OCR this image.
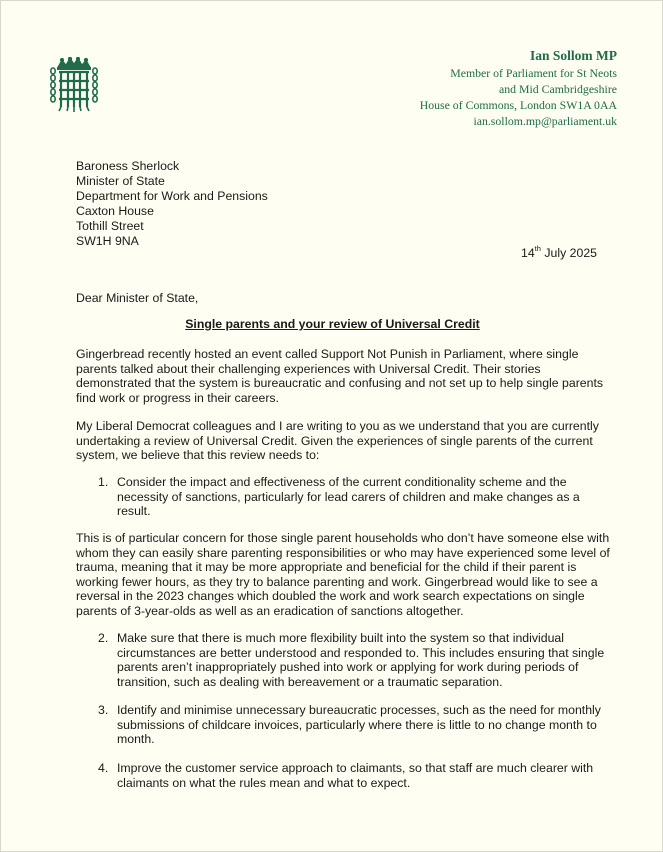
Ian Sollom MP
Member of Parliament for St Neots
and Mid Cambridgeshire
House of Commons, London SW1A 0AA
ian.sollom.mp@parliament.uk
Baroness Sherlock
Minister of State
Department for Work and Pensions
Caxton House
Tothill Street
SW1H 9NA
14th July 2025
Dear Minister of State,
Single parents and your review of Universal Credit
Gingerbread recently hosted an event called Support Not Punish in Parliament, where single parents talked about their challenging experiences with Universal Credit. Their stories demonstrated that the system is bureaucratic and confusing and not set up to help single parents find work or progress in their careers.
My Liberal Democrat colleagues and I are writing to you as we understand that you are currently undertaking a review of Universal Credit. Given the experiences of single parents of the current system, we believe that this review needs to:
1. Consider the impact and effectiveness of the current conditionality scheme and the necessity of sanctions, particularly for lead carers of children and make changes as a result.
This is of particular concern for those single parent households who don’t have someone else with whom they can easily share parenting responsibilities or who may have experienced some level of trauma, meaning that it may be more appropriate and beneficial for the child if their parent is working fewer hours, as they try to balance parenting and work. Gingerbread would like to see a reversal in the 2023 changes which doubled the work and work search expectations on single parents of 3-year-olds as well as an eradication of sanctions altogether.
2. Make sure that there is much more flexibility built into the system so that individual circumstances are better understood and responded to. This includes ensuring that single parents aren’t inappropriately pushed into work or applying for work during periods of transition, such as dealing with bereavement or a traumatic separation.
3. Identify and minimise unnecessary bureaucratic processes, such as the need for monthly submissions of childcare invoices, particularly where there is little to no change month to month.
4. Improve the customer service approach to claimants, so that staff are much clearer with claimants on what the rules mean and what to expect.
